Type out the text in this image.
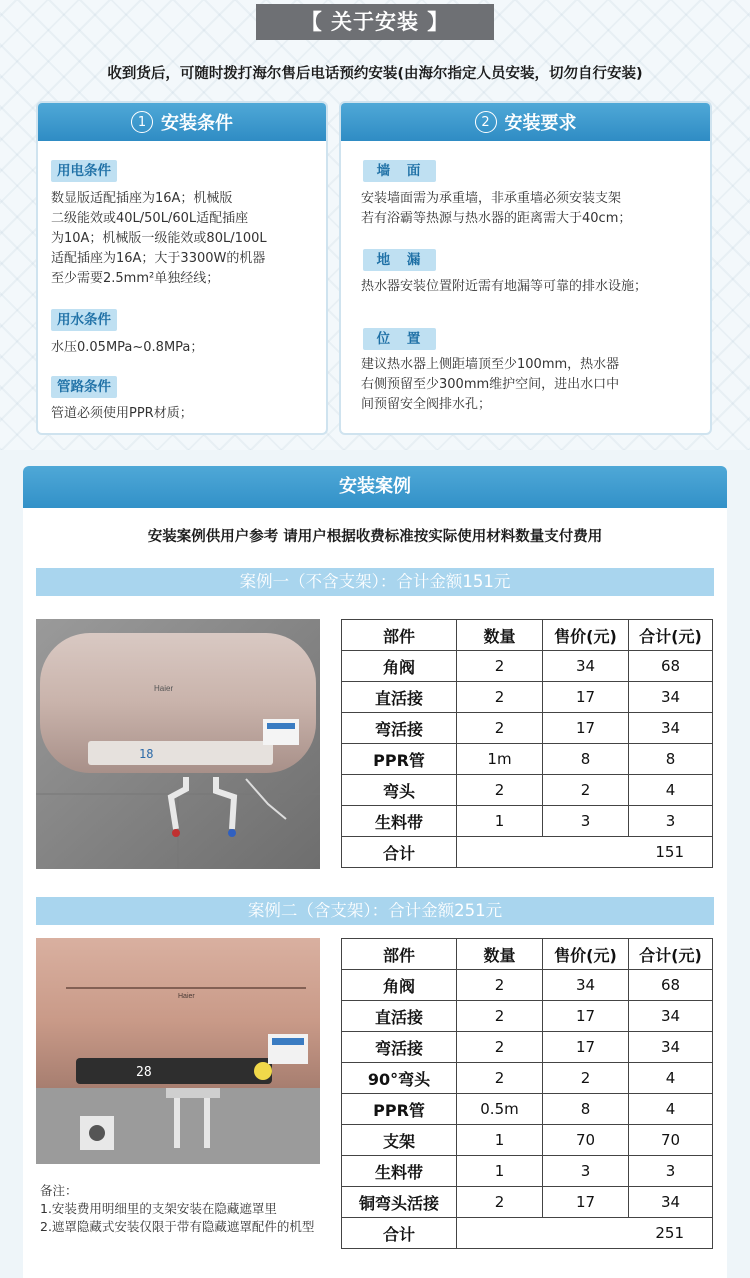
【 关于安装 】
收到货后，可随时拨打海尔售后电话预约安装(由海尔指定人员安装，切勿自行安装)
1 安装条件
用电条件
数显版适配插座为16A；机械版
二级能效或40L/50L/60L适配插座
为10A；机械版一级能效或80L/100L
适配插座为16A；大于3300W的机器
至少需要2.5mm²单独经线；
用水条件
水压0.05MPa~0.8MPa；
管路条件
管道必须使用PPR材质；
2 安装要求
墙 面
安装墙面需为承重墙，非承重墙必须安装支架
若有浴霸等热源与热水器的距离需大于40cm；
地 漏
热水器安装位置附近需有地漏等可靠的排水设施；
位 置
建议热水器上侧距墙顶至少100mm，热水器
右侧预留至少300mm维护空间，进出水口中
间预留安全阀排水孔；
安装案例
安装案例供用户参考 请用户根据收费标准按实际使用材料数量支付费用
案例一（不含支架）：合计金额151元
18
Haier
部件	数量	售价(元)	合计(元)
角阀	2	34	68
直活接	2	17	34
弯活接	2	17	34
PPR管	1m	8	8
弯头	2	2	4
生料带	1	3	3
合计	151		
案例二（含支架）：合计金额251元
Haier
28
备注：
1.安装费用明细里的支架安装在隐藏遮罩里
2.遮罩隐藏式安装仅限于带有隐藏遮罩配件的机型
部件	数量	售价(元)	合计(元)
角阀	2	34	68
直活接	2	17	34
弯活接	2	17	34
90°弯头	2	2	4
PPR管	0.5m	8	4
支架	1	70	70
生料带	1	3	3
铜弯头活接	2	17	34
合计	251		
